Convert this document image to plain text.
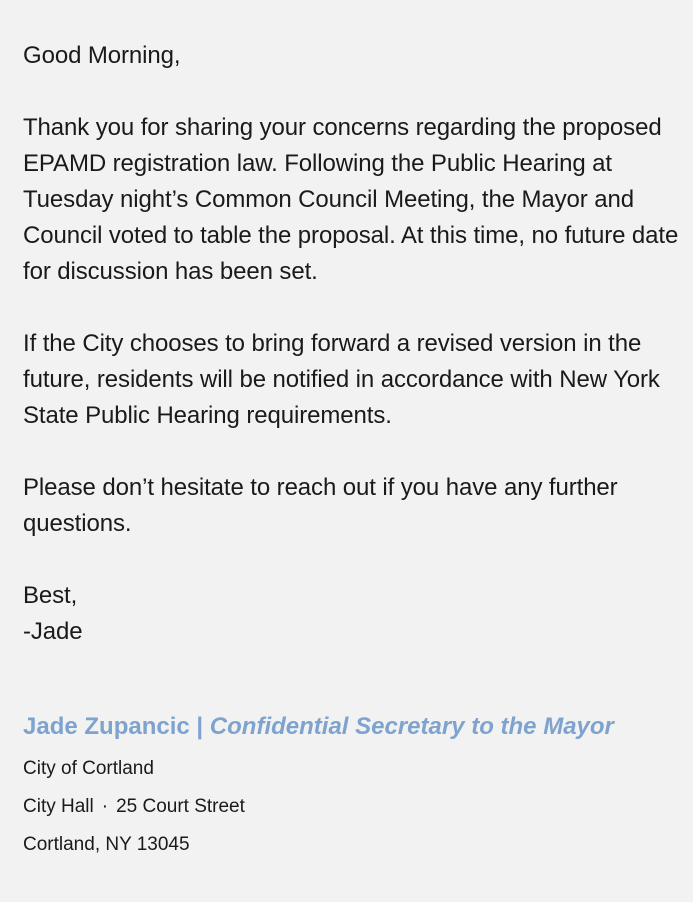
Good Morning,

Thank you for sharing your concerns regarding the proposed EPAMD registration law. Following the Public Hearing at Tuesday night’s Common Council Meeting, the Mayor and Council voted to table the proposal. At this time, no future date for discussion has been set.

If the City chooses to bring forward a revised version in the future, residents will be notified in accordance with New York State Public Hearing requirements.

Please don’t hesitate to reach out if you have any further questions.

Best,

-Jade

Jade Zupancic | Confidential Secretary to the Mayor

City of Cortland

City Hall · 25 Court Street

Cortland, NY 13045
